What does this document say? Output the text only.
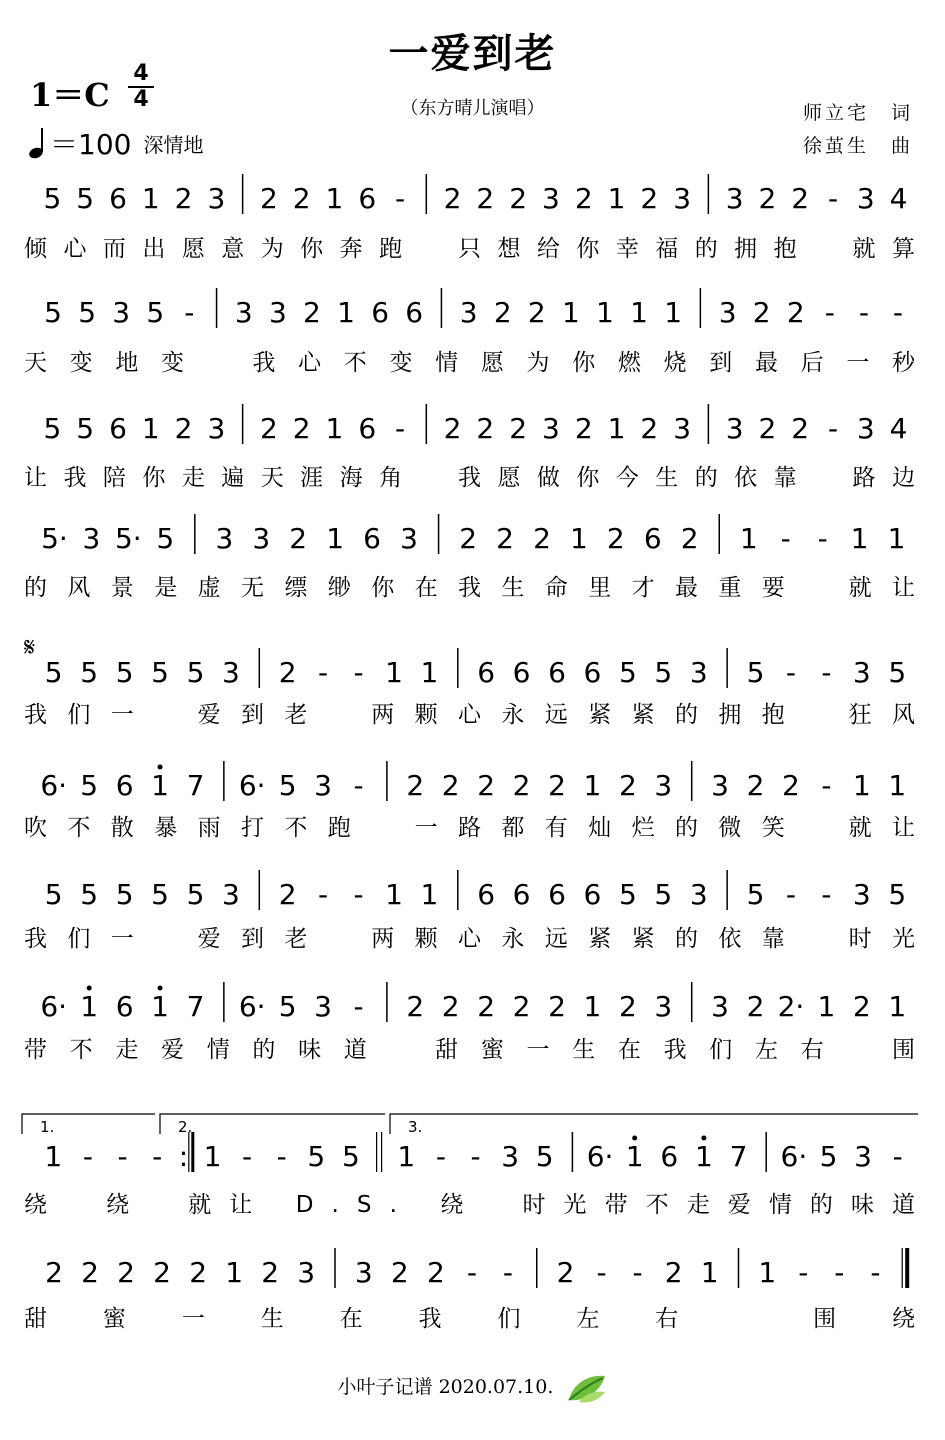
一爱到老
（东方晴儿演唱）
1＝C
4
4
＝100 深情地
师立宅　词
徐茧生　曲
5 5 6 1 2 3 2 2 1 6 - 2 2 2 3 2 1 2 3 3 2 2 - 3 4
倾心而出愿意为你奔跑　只想给你幸福的拥抱　就算
5 5 3 5 - 3 3 2 1 6 6 3 2 2 1 1 1 1 3 2 2 - - -
天变地变　我心不变情愿为你燃烧到最后一秒
5 5 6 1 2 3 2 2 1 6 - 2 2 2 3 2 1 2 3 3 2 2 - 3 4
让我陪你走遍天涯海角　我愿做你今生的依靠　路边
5· 3 5· 5 3 3 2 1 6 3 2 2 2 1 2 6 2 1 - - 1 1
的风景是虚无缥缈你在我生命里才最重要　就让
5 5 5 5 5 3 2 - - 1 1 6 6 6 6 5 5 3 5 - - 3 5
我们一　爱到老　两颗心永远紧紧的拥抱　狂风
6· 5 6 1 7 6· 5 3 - 2 2 2 2 2 1 2 3 3 2 2 - 1 1
吹不散暴雨打不跑　一路都有灿烂的微笑　就让
5 5 5 5 5 3 2 - - 1 1 6 6 6 6 5 5 3 5 - - 3 5
我们一　爱到老　两颗心永远紧紧的依靠　时光
6· 1 6 1 7 6· 5 3 - 2 2 2 2 2 1 2 3 3 2 2· 1 2 1
带不走爱情的味道　甜蜜一生在我们左右　围
1 - - - : 1 - - 5 5 1 - - 3 5 6· 1 6 1 7 6· 5 3 -
绕　绕　就让 D.S. 绕　时光带不走爱情的味道
2 2 2 2 2 1 2 3 3 2 2 - - 2 - - 2 1 1 - - -
甜蜜一生在我们左右　围绕
𝄋
1.	2.	3.
小叶子记谱 2020.07.10.
